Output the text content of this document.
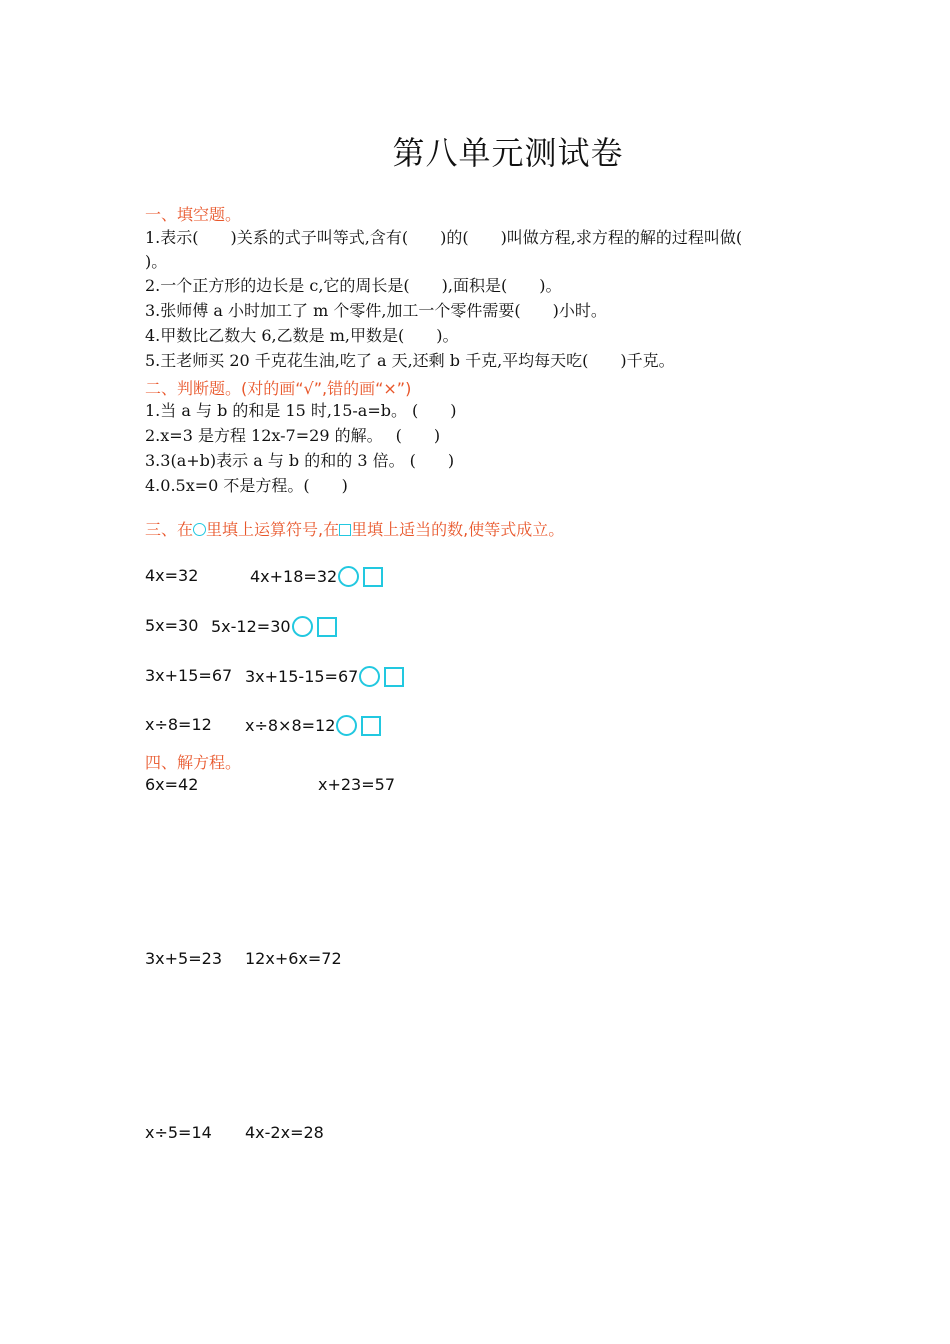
第八单元测试卷
一、填空题。
1.表示(　　)关系的式子叫等式,含有(　　)的(　　)叫做方程,求方程的解的过程叫做(
)。
2.一个正方形的边长是 c,它的周长是(　　),面积是(　　)。
3.张师傅 a 小时加工了 m 个零件,加工一个零件需要(　　)小时。
4.甲数比乙数大 6,乙数是 m,甲数是(　　)。
5.王老师买 20 千克花生油,吃了 a 天,还剩 b 千克,平均每天吃(　　)千克。
二、判断题。(对的画“√”,错的画“×”)
1.当 a 与 b 的和是 15 时,15-a=b。 (　　)
2.x=3 是方程 12x-7=29 的解。　 (　　)
3.3(a+b)表示 a 与 b 的和的 3 倍。 (　　)
4.0.5x=0 不是方程。(　　)
三、在 里填上运算符号,在 里填上适当的数,使等式成立。
4x=32	4x+18=32
5x=30 5x-12=30
3x+15=67 3x+15-15=67
x÷8=12 x÷8×8=12
四、解方程。
6x=42	x+23=57
3x+5=23 12x+6x=72
x÷5=14 4x-2x=28
